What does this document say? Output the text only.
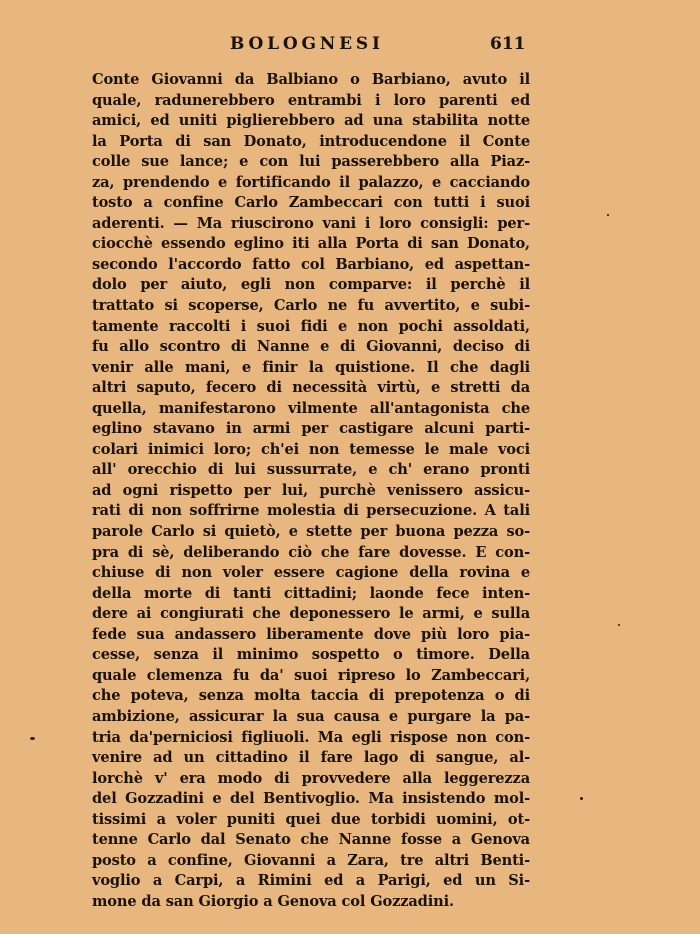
BOLOGNESI	611
Conte Giovanni da Balbiano o Barbiano, avuto il
quale, radunerebbero entrambi i loro parenti ed
amici, ed uniti piglierebbero ad una stabilita notte
la Porta di san Donato, introducendone il Conte
colle sue lance; e con lui passerebbero alla Piaz-
za, prendendo e fortificando il palazzo, e cacciando
tosto a confine Carlo Zambeccari con tutti i suoi
aderenti. — Ma riuscirono vani i loro consigli: per-
ciocchè essendo eglino iti alla Porta di san Donato,
secondo l'accordo fatto col Barbiano, ed aspettan-
dolo per aiuto, egli non comparve: il perchè il
trattato si scoperse, Carlo ne fu avvertito, e subi-
tamente raccolti i suoi fidi e non pochi assoldati,
fu allo scontro di Nanne e di Giovanni, deciso di
venir alle mani, e finir la quistione. Il che dagli
altri saputo, fecero di necessità virtù, e stretti da
quella, manifestarono vilmente all'antagonista che
eglino stavano in armi per castigare alcuni parti-
colari inimici loro; ch'ei non temesse le male voci
all' orecchio di lui sussurrate, e ch' erano pronti
ad ogni rispetto per lui, purchè venissero assicu-
rati di non soffrirne molestia di persecuzione. A tali
parole Carlo si quietò, e stette per buona pezza so-
pra di sè, deliberando ciò che fare dovesse. E con-
chiuse di non voler essere cagione della rovina e
della morte di tanti cittadini; laonde fece inten-
dere ai congiurati che deponessero le armi, e sulla
fede sua andassero liberamente dove più loro pia-
cesse, senza il minimo sospetto o timore. Della
quale clemenza fu da' suoi ripreso lo Zambeccari,
che poteva, senza molta taccia di prepotenza o di
ambizione, assicurar la sua causa e purgare la pa-
tria da'perniciosi figliuoli. Ma egli rispose non con-
venire ad un cittadino il fare lago di sangue, al-
lorchè v' era modo di provvedere alla leggerezza
del Gozzadini e del Bentivoglio. Ma insistendo mol-
tissimi a voler puniti quei due torbidi uomini, ot-
tenne Carlo dal Senato che Nanne fosse a Genova
posto a confine, Giovanni a Zara, tre altri Benti-
voglio a Carpi, a Rimini ed a Parigi, ed un Si-
mone da san Giorgio a Genova col Gozzadini.
